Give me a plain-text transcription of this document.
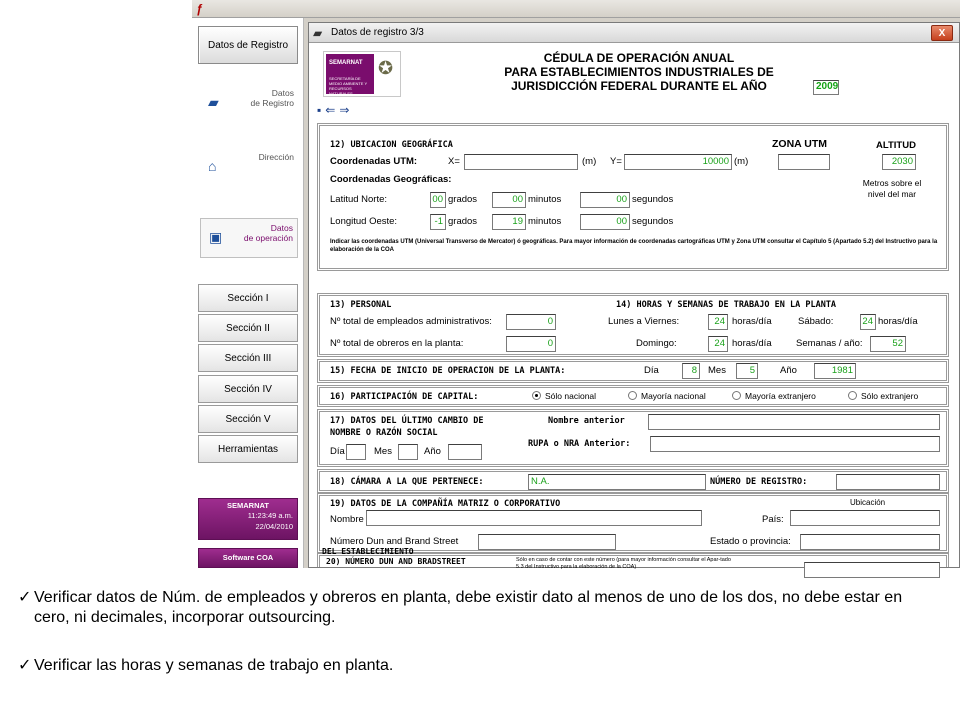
ƒ
Datos de Registro
▰
Datos
de Registro
⌂
Dirección
▣
Datos
de operación
Sección I
Sección II
Sección III
Sección IV
Sección V
Herramientas
SEMARNAT
11:23:49 a.m.
22/04/2010
Software COA
▰ Datos de registro 3/3	X
SEMARNAT
SECRETARÍA DE MEDIO AMBIENTE Y RECURSOS NATURALES
✪	CÉDULA DE OPERACIÓN ANUAL
PARA ESTABLECIMIENTOS INDUSTRIALES DE
JURISDICCIÓN FEDERAL DURANTE EL AÑO	2009
▪⇐⇒
12) UBICACION GEOGRÁFICA	ZONA UTM	ALTITUD
Coordenadas UTM:	X=	(m) Y=	10000 (m)	2030
Coordenadas Geográficas:	Metros sobre el nivel del mar
Latitud Norte:	00 grados	00 minutos	00 segundos
Longitud Oeste:	-1 grados	19 minutos	00 segundos
Indicar las coordenadas UTM (Universal Transverso de Mercator) ó geográficas. Para mayor información de coordenadas cartográficas UTM y Zona UTM consultar el Capítulo 5 (Apartado 5.2) del Instructivo para la elaboración de la COA
13) PERSONAL	14) HORAS Y SEMANAS DE TRABAJO EN LA PLANTA
Nº total de empleados administrativos:	0	Lunes a Viernes:	24 horas/día	Sábado:	24 horas/día
Nº total de obreros en la planta:	0	Domingo:	24 horas/día	Semanas / año:	52
15) FECHA DE INICIO DE OPERACION DE LA PLANTA:	Día	8	Mes	5	Año	1981
16) PARTICIPACIÓN DE CAPITAL:	Sólo nacional	Mayoría nacional	Mayoría extranjero	Sólo extranjero
17) DATOS DEL ÚLTIMO CAMBIO DE
NOMBRE O RAZÓN SOCIAL
Nombre anterior
RUPA o NRA Anterior:
Día	Mes	Año
18) CÁMARA A LA QUE PERTENECE:	N.A.	NÚMERO DE REGISTRO:
19) DATOS DE LA COMPAÑÍA MATRIZ O CORPORATIVO	Ubicación
Nombre	País:
Número Dun and Brand Street	Estado o provincia:
20) NÚMERO DUN AND BRADSTREET	Sólo en caso de contar con este número (para mayor información consultar el Apar-tado 5.3 del Instructivo para la elaboración de la COA)
DEL ESTABLECIMIENTO
✓ Verificar datos de Núm. de empleados y obreros en planta, debe existir dato al menos de uno de los dos, no debe estar en cero, ni decimales, incorporar outsourcing.
✓ Verificar las horas y semanas de trabajo en planta.
